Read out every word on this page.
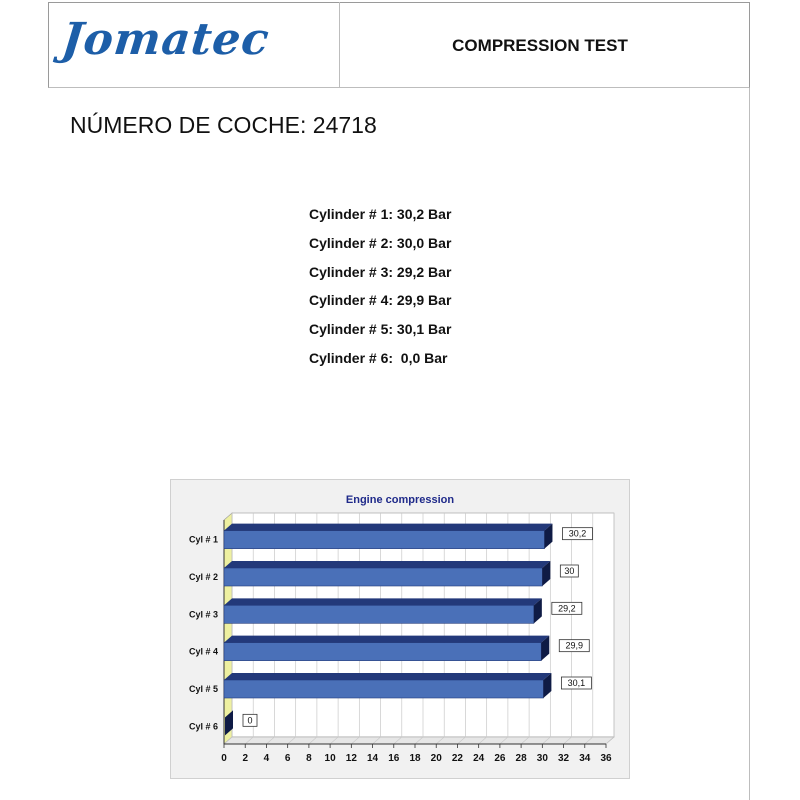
Jomatec	COMPRESSION TEST
NÚMERO DE COCHE: 24718
Cylinder # 1: 30,2 Bar
Cylinder # 2: 30,0 Bar
Cylinder # 3: 29,2 Bar
Cylinder # 4: 29,9 Bar
Cylinder # 5: 30,1 Bar
Cylinder # 6:  0,0 Bar
Engine compression
0 2 4 6 8 10 12 14 16 18 20 22 24 26 28 30 32 34 36
Cyl # 1
30,2
Cyl # 2
30
Cyl # 3
29,2
Cyl # 4
29,9
Cyl # 5
30,1
Cyl # 6
0
